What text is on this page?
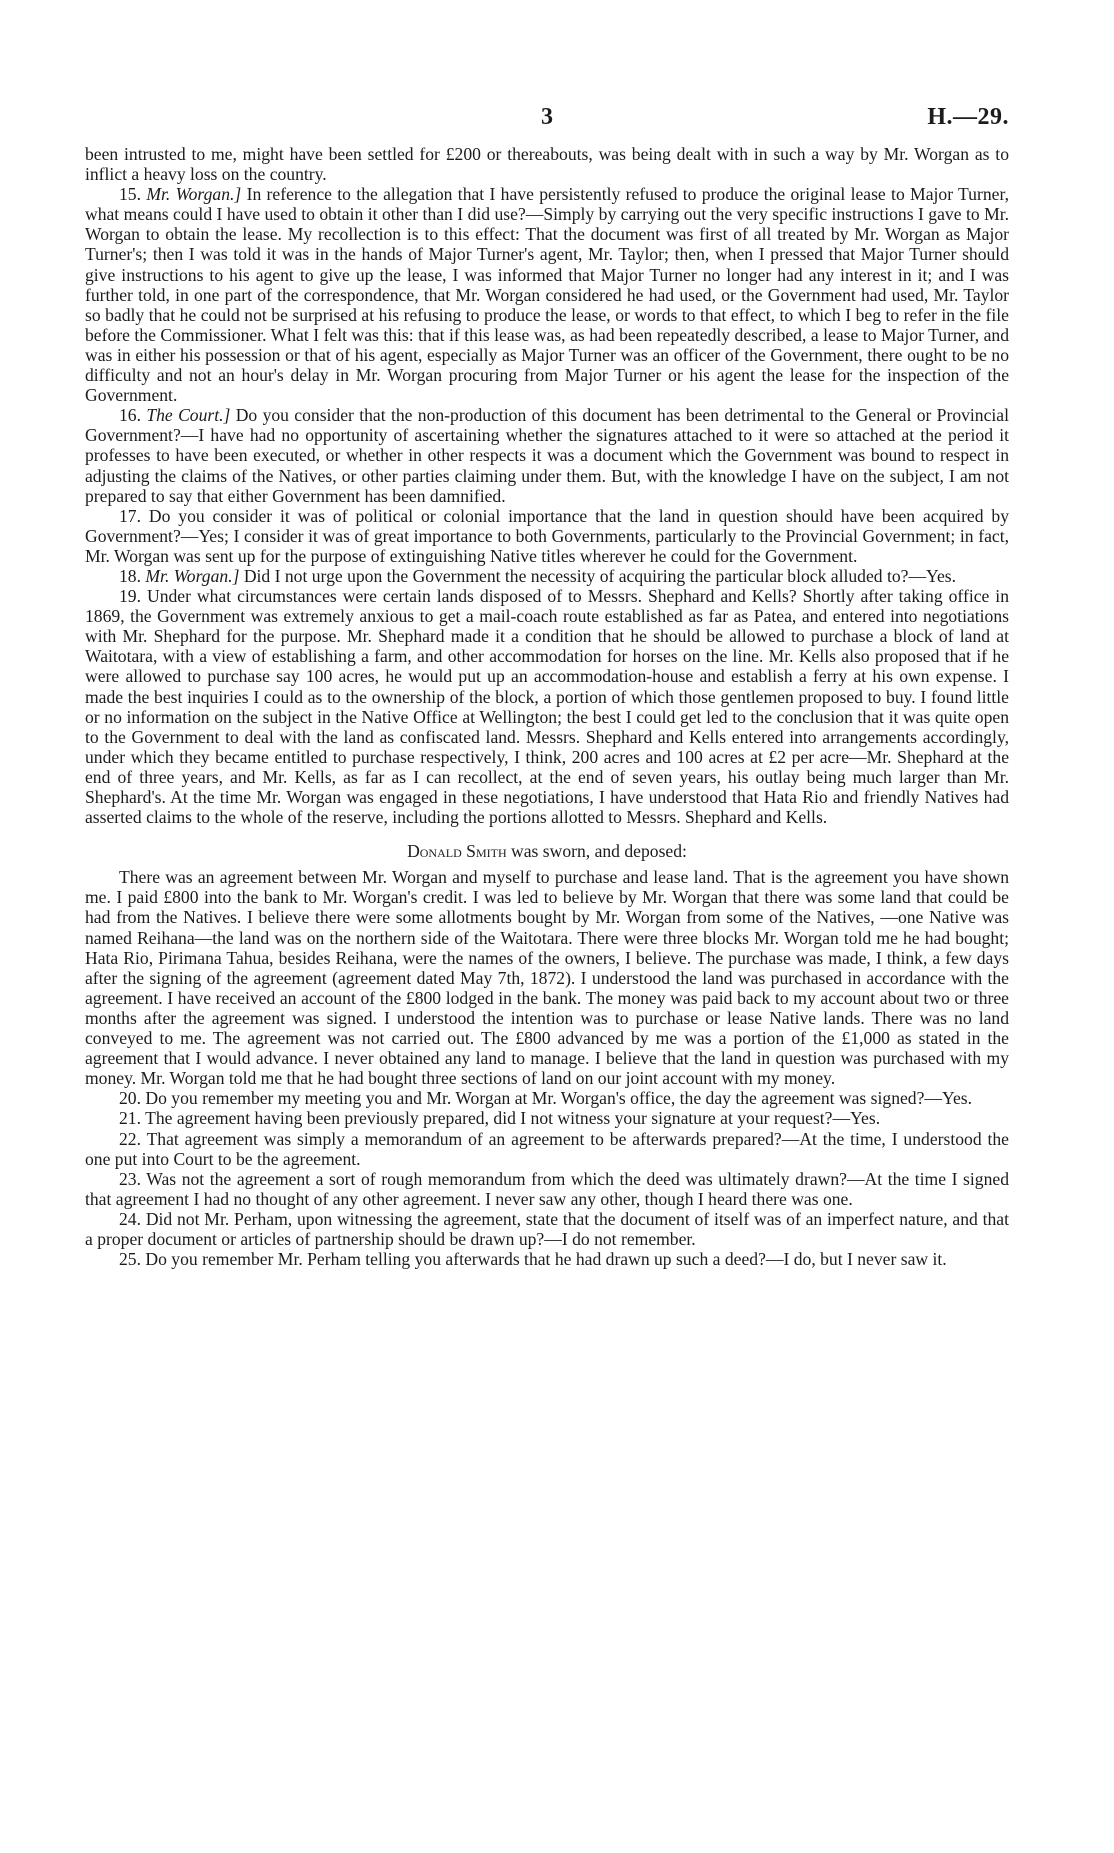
3	H.—29.

been intrusted to me, might have been settled for £200 or thereabouts, was being dealt with in such a way by Mr. Worgan as to inflict a heavy loss on the country.

15. Mr. Worgan.] In reference to the allegation that I have persistently refused to produce the original lease to Major Turner, what means could I have used to obtain it other than I did use?—Simply by carrying out the very specific instructions I gave to Mr. Worgan to obtain the lease. My recollection is to this effect: That the document was first of all treated by Mr. Worgan as Major Turner's; then I was told it was in the hands of Major Turner's agent, Mr. Taylor; then, when I pressed that Major Turner should give instructions to his agent to give up the lease, I was informed that Major Turner no longer had any interest in it; and I was further told, in one part of the correspondence, that Mr. Worgan considered he had used, or the Government had used, Mr. Taylor so badly that he could not be surprised at his refusing to produce the lease, or words to that effect, to which I beg to refer in the file before the Commissioner. What I felt was this: that if this lease was, as had been repeatedly described, a lease to Major Turner, and was in either his possession or that of his agent, especially as Major Turner was an officer of the Government, there ought to be no difficulty and not an hour's delay in Mr. Worgan procuring from Major Turner or his agent the lease for the inspection of the Government.

16. The Court.] Do you consider that the non-production of this document has been detrimental to the General or Provincial Government?—I have had no opportunity of ascertaining whether the signatures attached to it were so attached at the period it professes to have been executed, or whether in other respects it was a document which the Government was bound to respect in adjusting the claims of the Natives, or other parties claiming under them. But, with the knowledge I have on the subject, I am not prepared to say that either Government has been damnified.

17. Do you consider it was of political or colonial importance that the land in question should have been acquired by Government?—Yes; I consider it was of great importance to both Governments, particularly to the Provincial Government; in fact, Mr. Worgan was sent up for the purpose of extinguishing Native titles wherever he could for the Government.

18. Mr. Worgan.] Did I not urge upon the Government the necessity of acquiring the particular block alluded to?—Yes.

19. Under what circumstances were certain lands disposed of to Messrs. Shephard and Kells? Shortly after taking office in 1869, the Government was extremely anxious to get a mail-coach route established as far as Patea, and entered into negotiations with Mr. Shephard for the purpose. Mr. Shephard made it a condition that he should be allowed to purchase a block of land at Waitotara, with a view of establishing a farm, and other accommodation for horses on the line. Mr. Kells also proposed that if he were allowed to purchase say 100 acres, he would put up an accommodation-house and establish a ferry at his own expense. I made the best inquiries I could as to the ownership of the block, a portion of which those gentlemen proposed to buy. I found little or no information on the subject in the Native Office at Wellington; the best I could get led to the conclusion that it was quite open to the Government to deal with the land as confiscated land. Messrs. Shephard and Kells entered into arrangements accordingly, under which they became entitled to purchase respectively, I think, 200 acres and 100 acres at £2 per acre—Mr. Shephard at the end of three years, and Mr. Kells, as far as I can recollect, at the end of seven years, his outlay being much larger than Mr. Shephard's. At the time Mr. Worgan was engaged in these negotiations, I have understood that Hata Rio and friendly Natives had asserted claims to the whole of the reserve, including the portions allotted to Messrs. Shephard and Kells.

Donald Smith was sworn, and deposed:

There was an agreement between Mr. Worgan and myself to purchase and lease land. That is the agreement you have shown me. I paid £800 into the bank to Mr. Worgan's credit. I was led to believe by Mr. Worgan that there was some land that could be had from the Natives. I believe there were some allotments bought by Mr. Worgan from some of the Natives, —one Native was named Reihana—the land was on the northern side of the Waitotara. There were three blocks Mr. Worgan told me he had bought; Hata Rio, Pirimana Tahua, besides Reihana, were the names of the owners, I believe. The purchase was made, I think, a few days after the signing of the agreement (agreement dated May 7th, 1872). I understood the land was purchased in accordance with the agreement. I have received an account of the £800 lodged in the bank. The money was paid back to my account about two or three months after the agreement was signed. I understood the intention was to purchase or lease Native lands. There was no land conveyed to me. The agreement was not carried out. The £800 advanced by me was a portion of the £1,000 as stated in the agreement that I would advance. I never obtained any land to manage. I believe that the land in question was purchased with my money. Mr. Worgan told me that he had bought three sections of land on our joint account with my money.

20. Do you remember my meeting you and Mr. Worgan at Mr. Worgan's office, the day the agreement was signed?—Yes.

21. The agreement having been previously prepared, did I not witness your signature at your request?—Yes.

22. That agreement was simply a memorandum of an agreement to be afterwards prepared?—At the time, I understood the one put into Court to be the agreement.

23. Was not the agreement a sort of rough memorandum from which the deed was ultimately drawn?—At the time I signed that agreement I had no thought of any other agreement. I never saw any other, though I heard there was one.

24. Did not Mr. Perham, upon witnessing the agreement, state that the document of itself was of an imperfect nature, and that a proper document or articles of partnership should be drawn up?—I do not remember.

25. Do you remember Mr. Perham telling you afterwards that he had drawn up such a deed?—I do, but I never saw it.
